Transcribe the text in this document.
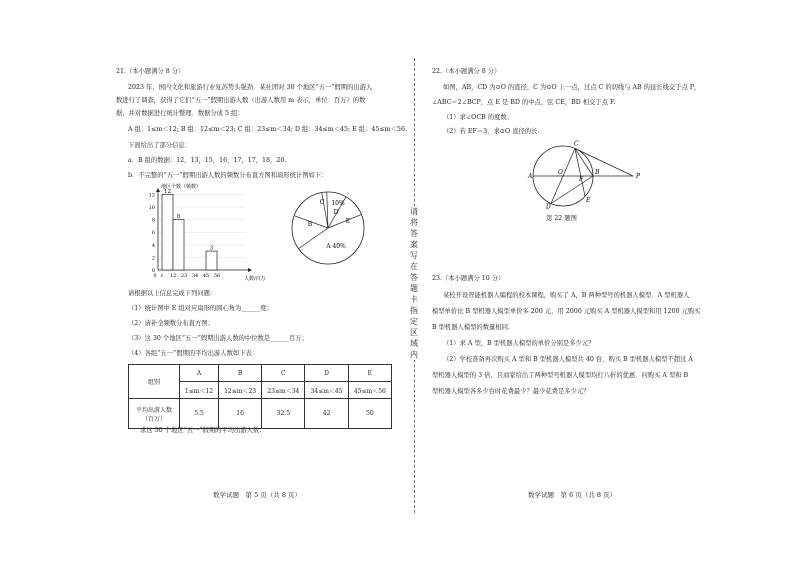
21.（本小题满分 8 分）
2023 年，国内文化和旅游行业复苏势头强劲．某社团对 30 个地区“五一”假期的出游人
数进行了调查，获得了它们“五一”假期出游人数（出游人数用 m 表示，单位：百万）的数
据，并对数据进行统计整理．数据分成 5 组：
A 组：1≤m＜12; B 组：12≤m＜23; C 组：23≤m＜34; D 组：34≤m＜45; E 组：45≤m＜56.
下面给出了部分信息：
a．B 组的数据：12，13，15，16，17，17，18，20.
b．不完整的“五一”假期出游人数的频数分布直方图和扇形统计图如下：
地区个数（频数）
人数/百万
0
2
4
6
8
10
12
0 1 12 23 34 45 56
12
8
3	A 40%
B
C
D
10%
E
请根据以上信息完成下列问题：
（1）统计图中 E 组对应扇形的圆心角为______度；
（2）请补全频数分布直方图；
（3）这 30 个地区“五一”假期出游人数的中位数是______百万；
（4）各组“五一”假期的平均出游人数如下表：
组别	A	B	C	D	E
	1≤m＜12	12≤m＜23	23≤m＜34	34≤m＜45	45≤m＜56
平均出游人数
（百万）	5.5	16	32.5	42	50
求这 30 个地区“五一”假期的平均出游人数.
数学试题　第 5 页（共 8 页）
请将答案写在答题卡指定区域内
22.（本小题满分 8 分）
如图，AB，CD 为⊙O 的直径，C 为⊙O 上一点，过点 C 的切线与 AB 的延长线交于点 P，
∠ABC＝2∠BCP，点 E 是 BD 的中点，弦 CE，BD 相交于点 F.
（1）求∠OCB 的度数；
（2）若 EF＝3，求⊙O 直径的长.
A
B
C
D
E
F
O
P
第 22 题图
23.（本小题满分 10 分）
某校开设智能机器人编程的校本课程，购买了 A，B 两种型号的机器人模型．A 型机器人
模型单价比 B 型机器人模型单价多 200 元，用 2000 元购买 A 型机器人模型和用 1200 元购买
B 型机器人模型的数量相同.
（1）求 A 型，B 型机器人模型的单价分别是多少元？
（2）学校准备再次购买 A 型和 B 型机器人模型共 40 台，购买 B 型机器人模型不超过 A
型机器人模型的 3 倍，且商家给出了两种型号机器人模型均打八折的优惠．问购买 A 型和 B
型机器人模型各多少台时花费最少？最少花费是多少元？
数学试题　第 6 页（共 8 页）
